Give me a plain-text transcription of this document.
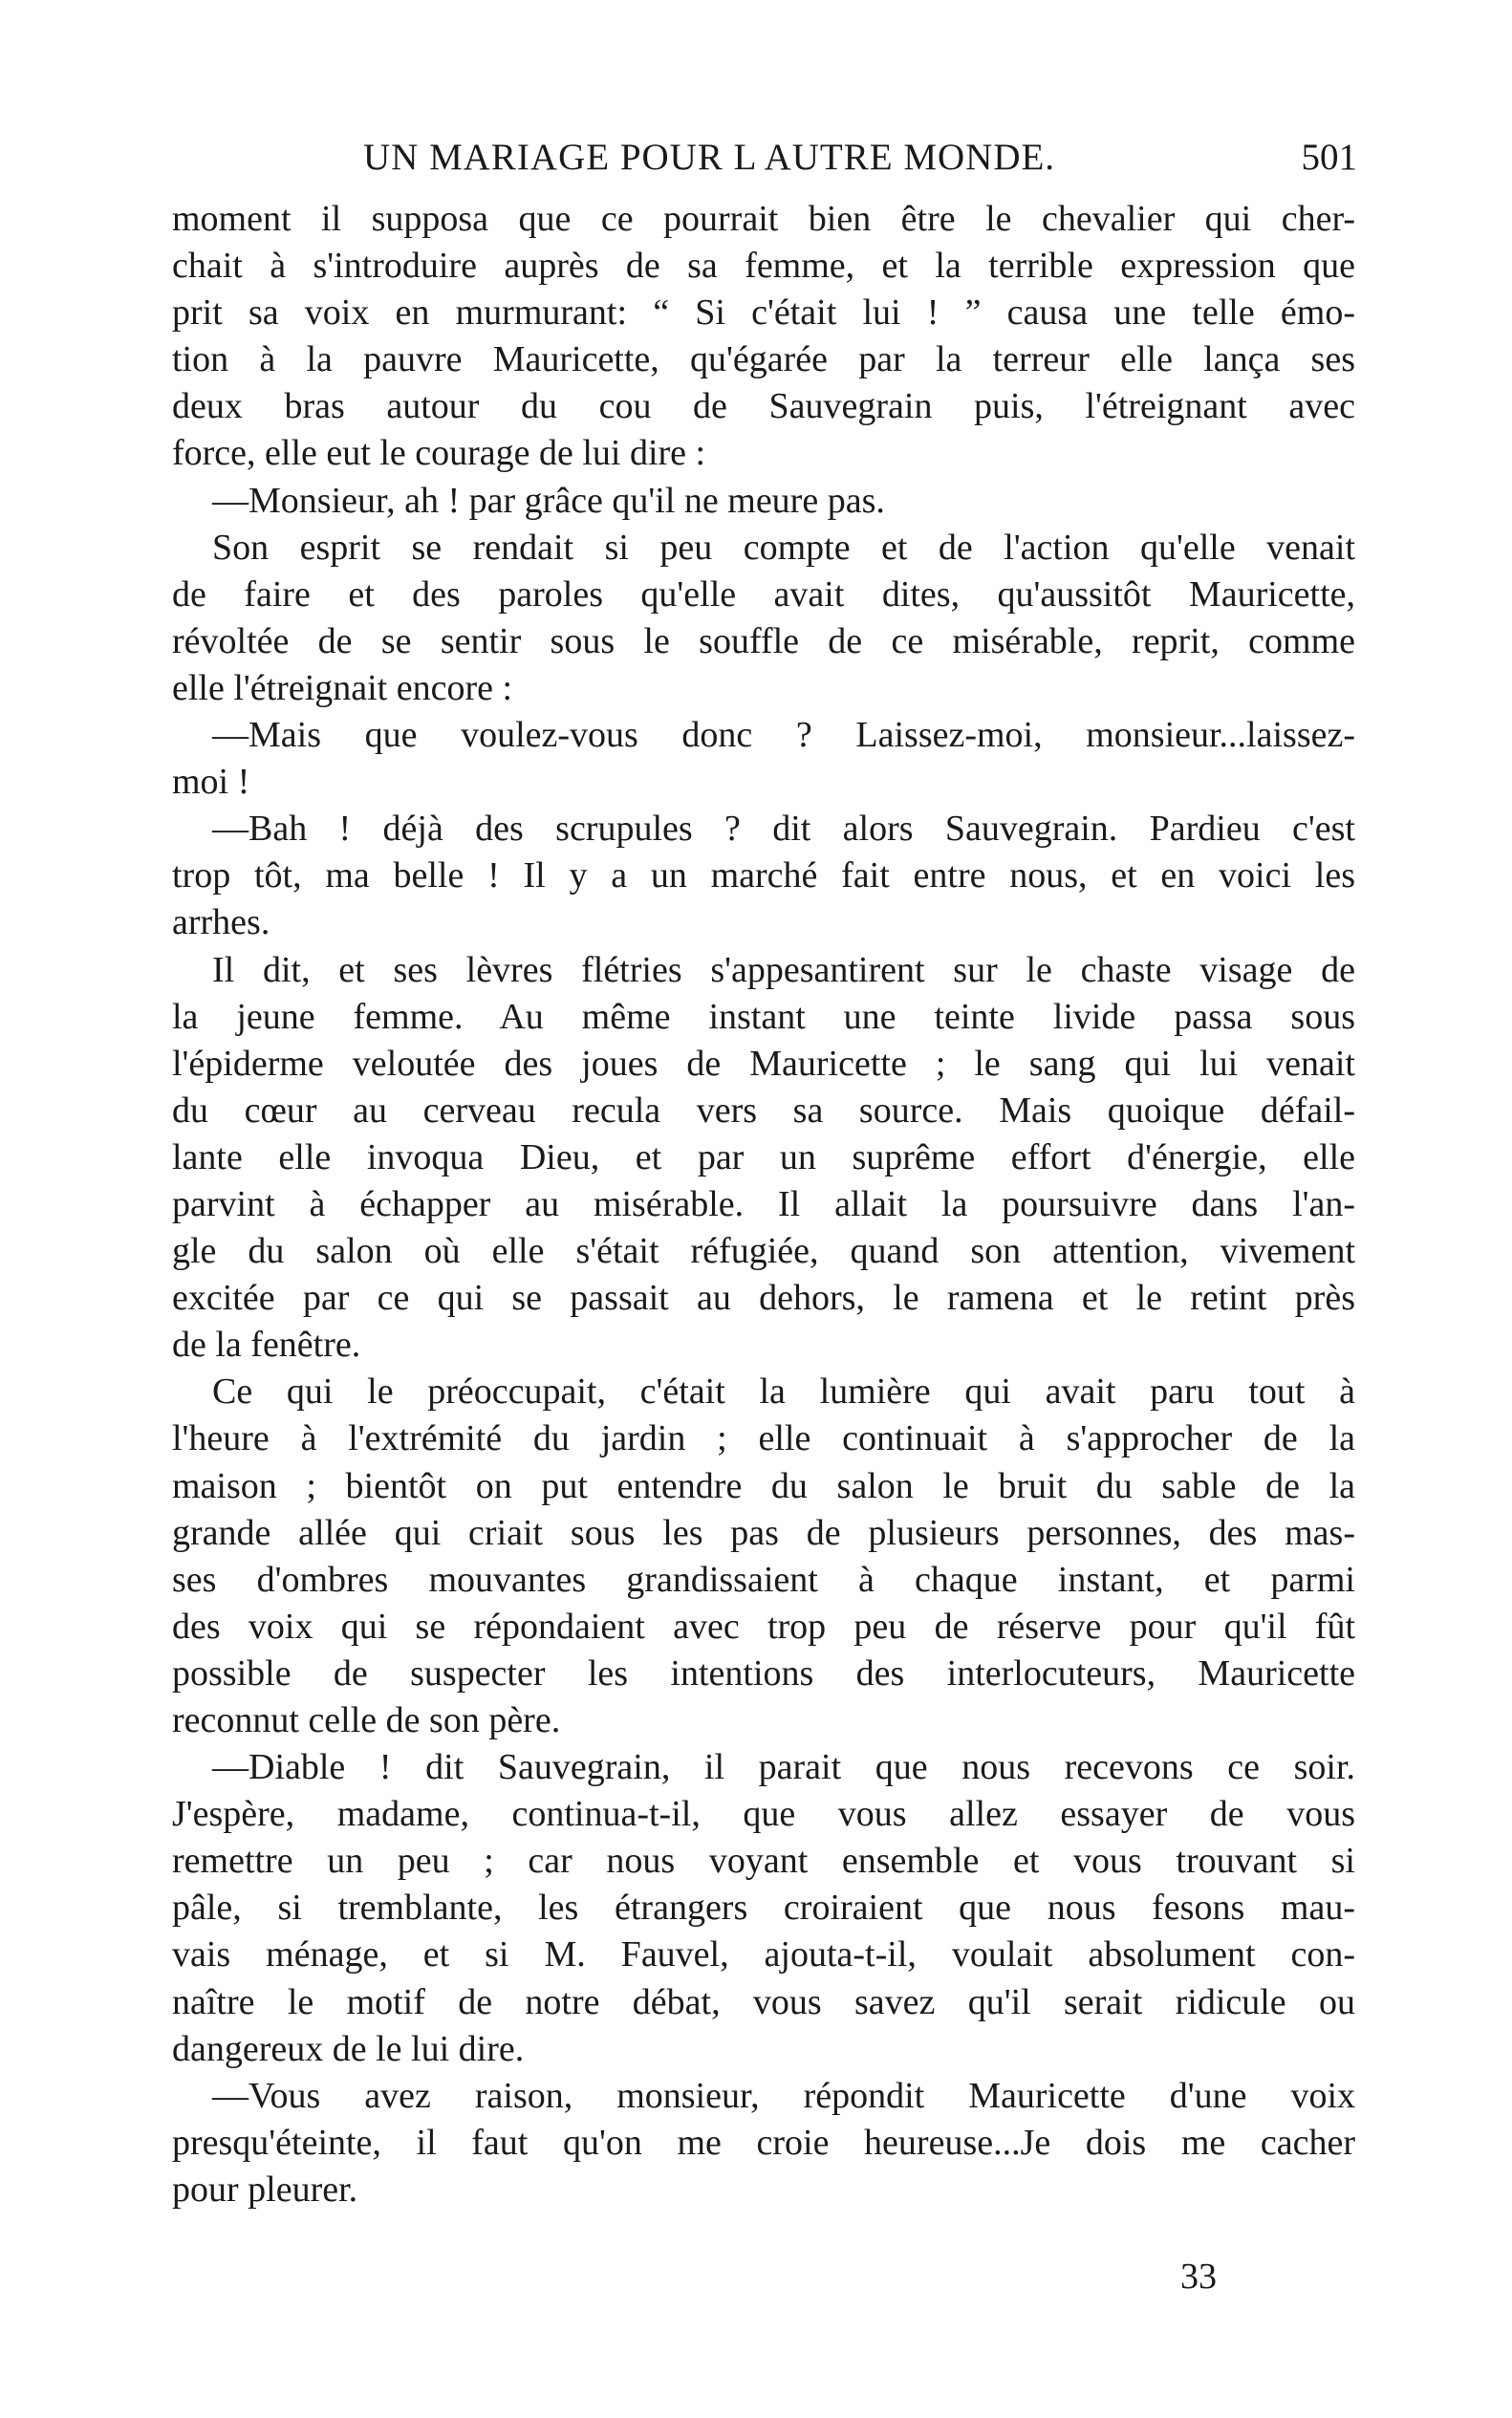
UN MARIAGE POUR L AUTRE MONDE.	501
moment il supposa que ce pourrait bien être le chevalier qui cher-
chait à s'introduire auprès de sa femme, et la terrible expression que
prit sa voix en murmurant: “ Si c'était lui ! ” causa une telle émo-
tion à la pauvre Mauricette, qu'égarée par la terreur elle lança ses
deux bras autour du cou de Sauvegrain puis, l'étreignant avec
force, elle eut le courage de lui dire :
—Monsieur, ah ! par grâce qu'il ne meure pas.
Son esprit se rendait si peu compte et de l'action qu'elle venait
de faire et des paroles qu'elle avait dites, qu'aussitôt Mauricette,
révoltée de se sentir sous le souffle de ce misérable, reprit, comme
elle l'étreignait encore :
—Mais que voulez-vous donc ? Laissez-moi, monsieur...laissez-
moi !
—Bah ! déjà des scrupules ? dit alors Sauvegrain. Pardieu c'est
trop tôt, ma belle ! Il y a un marché fait entre nous, et en voici les
arrhes.
Il dit, et ses lèvres flétries s'appesantirent sur le chaste visage de
la jeune femme. Au même instant une teinte livide passa sous
l'épiderme veloutée des joues de Mauricette ; le sang qui lui venait
du cœur au cerveau recula vers sa source. Mais quoique défail-
lante elle invoqua Dieu, et par un suprême effort d'énergie, elle
parvint à échapper au misérable. Il allait la poursuivre dans l'an-
gle du salon où elle s'était réfugiée, quand son attention, vivement
excitée par ce qui se passait au dehors, le ramena et le retint près
de la fenêtre.
Ce qui le préoccupait, c'était la lumière qui avait paru tout à
l'heure à l'extrémité du jardin ; elle continuait à s'approcher de la
maison ; bientôt on put entendre du salon le bruit du sable de la
grande allée qui criait sous les pas de plusieurs personnes, des mas-
ses d'ombres mouvantes grandissaient à chaque instant, et parmi
des voix qui se répondaient avec trop peu de réserve pour qu'il fût
possible de suspecter les intentions des interlocuteurs, Mauricette
reconnut celle de son père.
—Diable ! dit Sauvegrain, il parait que nous recevons ce soir.
J'espère, madame, continua-t-il, que vous allez essayer de vous
remettre un peu ; car nous voyant ensemble et vous trouvant si
pâle, si tremblante, les étrangers croiraient que nous fesons mau-
vais ménage, et si M. Fauvel, ajouta-t-il, voulait absolument con-
naître le motif de notre débat, vous savez qu'il serait ridicule ou
dangereux de le lui dire.
—Vous avez raison, monsieur, répondit Mauricette d'une voix
presqu'éteinte, il faut qu'on me croie heureuse...Je dois me cacher
pour pleurer.
33
